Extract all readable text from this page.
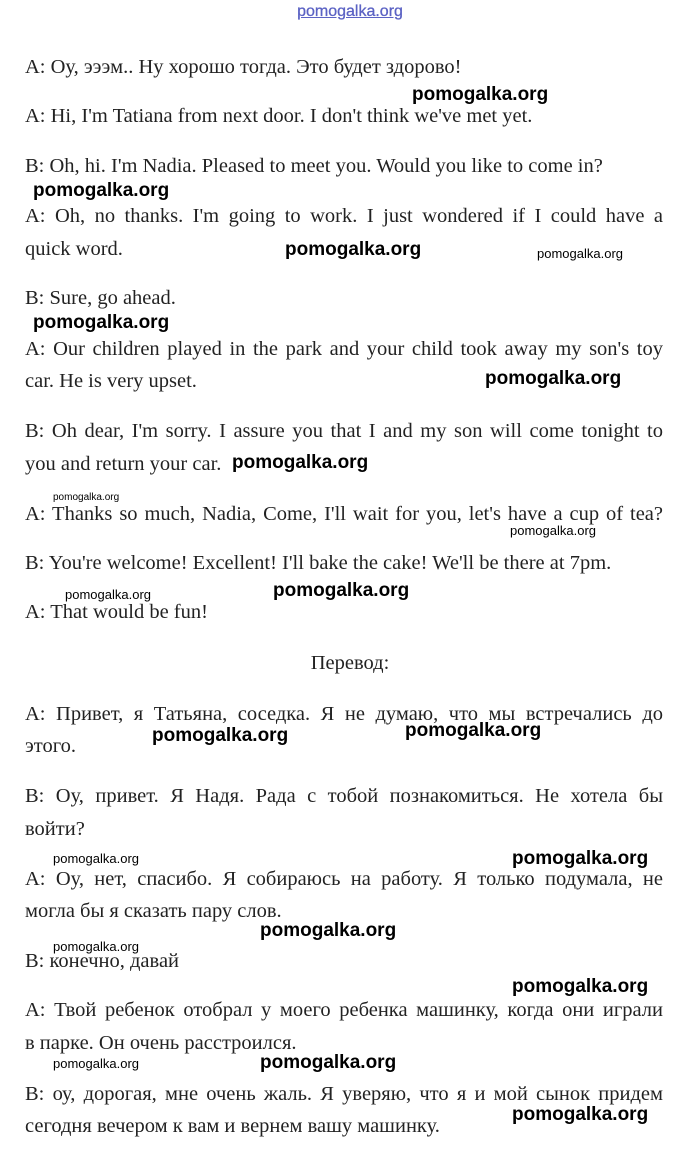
pomogalka.org
A: Оу, эээм.. Ну хорошо тогда. Это будет здорово!
A: Hi, I'm Tatiana from next door. I don't think we've met yet.
B: Oh, hi. I'm Nadia. Pleased to meet you. Would you like to come in?
A: Oh, no thanks. I'm going to work. I just wondered if I could have a
quick word.
B: Sure, go ahead.
A: Our children played in the park and your child took away my son's toy
car. He is very upset.
B: Oh dear, I'm sorry. I assure you that I and my son will come tonight to
you and return your car.
A: Thanks so much, Nadia, Come, I'll wait for you, let's have a cup of tea?
B: You're welcome! Excellent! I'll bake the cake! We'll be there at 7pm.
A: That would be fun!
Перевод:
А: Привет, я Татьяна, соседка. Я не думаю, что мы встречались до
этого.
B: Оу, привет. Я Надя. Рада с тобой познакомиться. Не хотела бы
войти?
А: Оу, нет, спасибо. Я собираюсь на работу. Я только подумала, не
могла бы я сказать пару слов.
В: конечно, давай
А: Твой ребенок отобрал у моего ребенка машинку, когда они играли
в парке. Он очень расстроился.
В: оу, дорогая, мне очень жаль. Я уверяю, что я и мой сынок придем
сегодня вечером к вам и вернем вашу машинку.
pomogalka.org
pomogalka.org
pomogalka.org	pomogalka.org
pomogalka.org
pomogalka.org
pomogalka.org
pomogalka.org
pomogalka.org
pomogalka.org	pomogalka.org
pomogalka.org	pomogalka.org
pomogalka.org	pomogalka.org
pomogalka.org
pomogalka.org
pomogalka.org
pomogalka.org	pomogalka.org
pomogalka.org
